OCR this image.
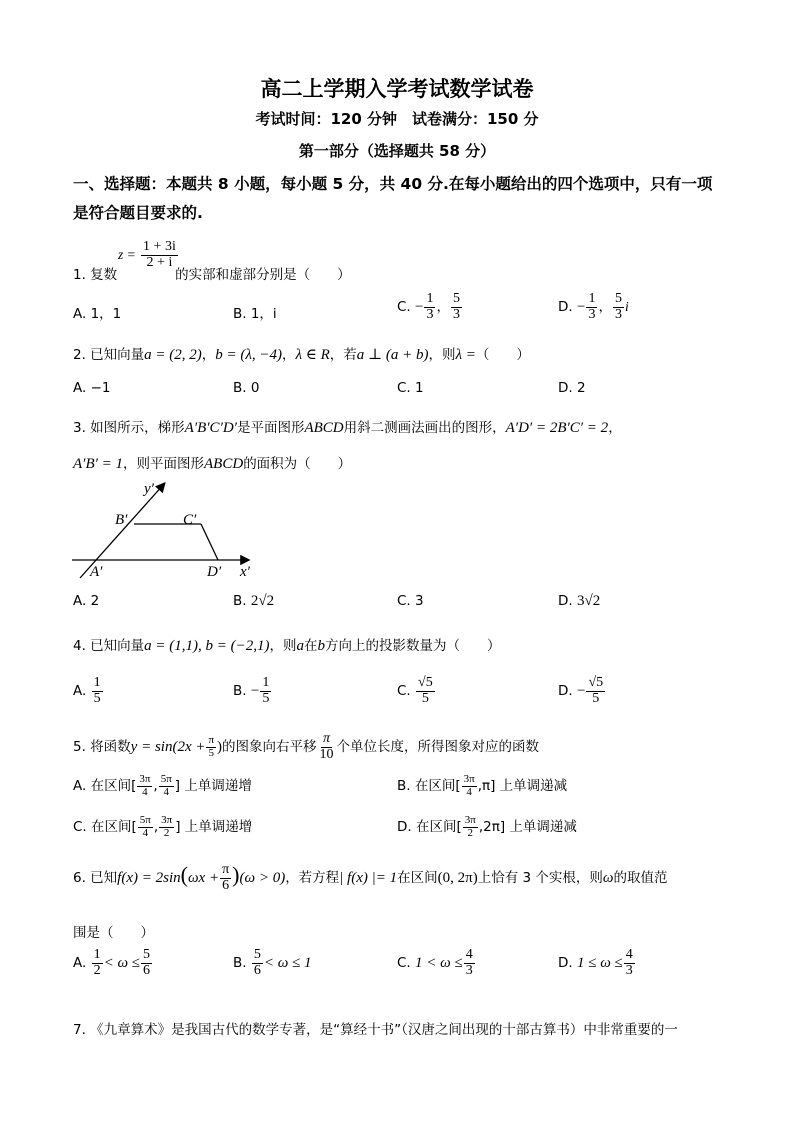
高二上学期入学考试数学试卷
考试时间：120 分钟　试卷满分：150 分
第一部分（选择题共 58 分）
一、选择题：本题共 8 小题，每小题 5 分，共 40 分.在每小题给出的四个选项中，只有一项
是符合题目要求的.
$z = \frac{1 + 3i}{2 + i}$
1. 复数	的实部和虚部分别是（　　）
A. 1，1	B. 1，i	C. − $\frac{1}{3}$ ， $\frac{5}{3}$	D. − $\frac{1}{3}$ ， $\frac{5}{3}$ i
2. 已知向量a = (2, 2)，b = (λ, −4)，λ ∈ R，若a ⊥ (a + b)，则λ =（　　）
A. −1	B. 0	C. 1	D. 2
3. 如图所示，梯形A′B′C′D′是平面图形ABCD用斜二测画法画出的图形，A′D′ = 2B′C′ = 2，
A′B′ = 1，则平面图形ABCD的面积为（　　）
y′
B′	C′
A′	D′ x′
A. 2	B. 2√2	C. 3	D. 3√2
4. 已知向量a = (1,1), b = (−2,1)，则a在b方向上的投影数量为（　　）
A. $\frac{1}{5}$	B. − $\frac{1}{5}$	C. $\frac{√5}{5}$	D. − $\frac{√5}{5}$
5. 将函数$y = \sin(2x + \frac{\pi}{5}$ )的图象向右平移 $\frac{\pi}{10}$ 个单位长度，所得图象对应的函数
A. 在区间[ $\frac{3\pi}{4}$ , $\frac{5\pi}{4}$ ] 上单调递增	B. 在区间[ $\frac{3\pi}{4} ,\pi$] 上单调递减
C. 在区间[ $\frac{5\pi}{4}$ , $\frac{3\pi}{2}$ ] 上单调递增	D. 在区间[ $\frac{3\pi}{2} ,2\pi$] 上单调递减
6. 已知$f(x) = 2\sin(\omega x + \frac{\pi}{6} )(\omega > 0)$，若方程| f(x) |= 1在区间(0, 2π)上恰有 3 个实根，则ω的取值范
围是（　　）
A. $\frac{1}{2} < \omega \le \frac{5}{6}$	B. $\frac{5}{6} < \omega \le 1$	C. $1 < \omega \le \frac{4}{3}$	D. $1 \le \omega \le \frac{4}{3}$
7. 《九章算术》是我国古代的数学专著，是“算经十书”（汉唐之间出现的十部古算书）中非常重要的一
